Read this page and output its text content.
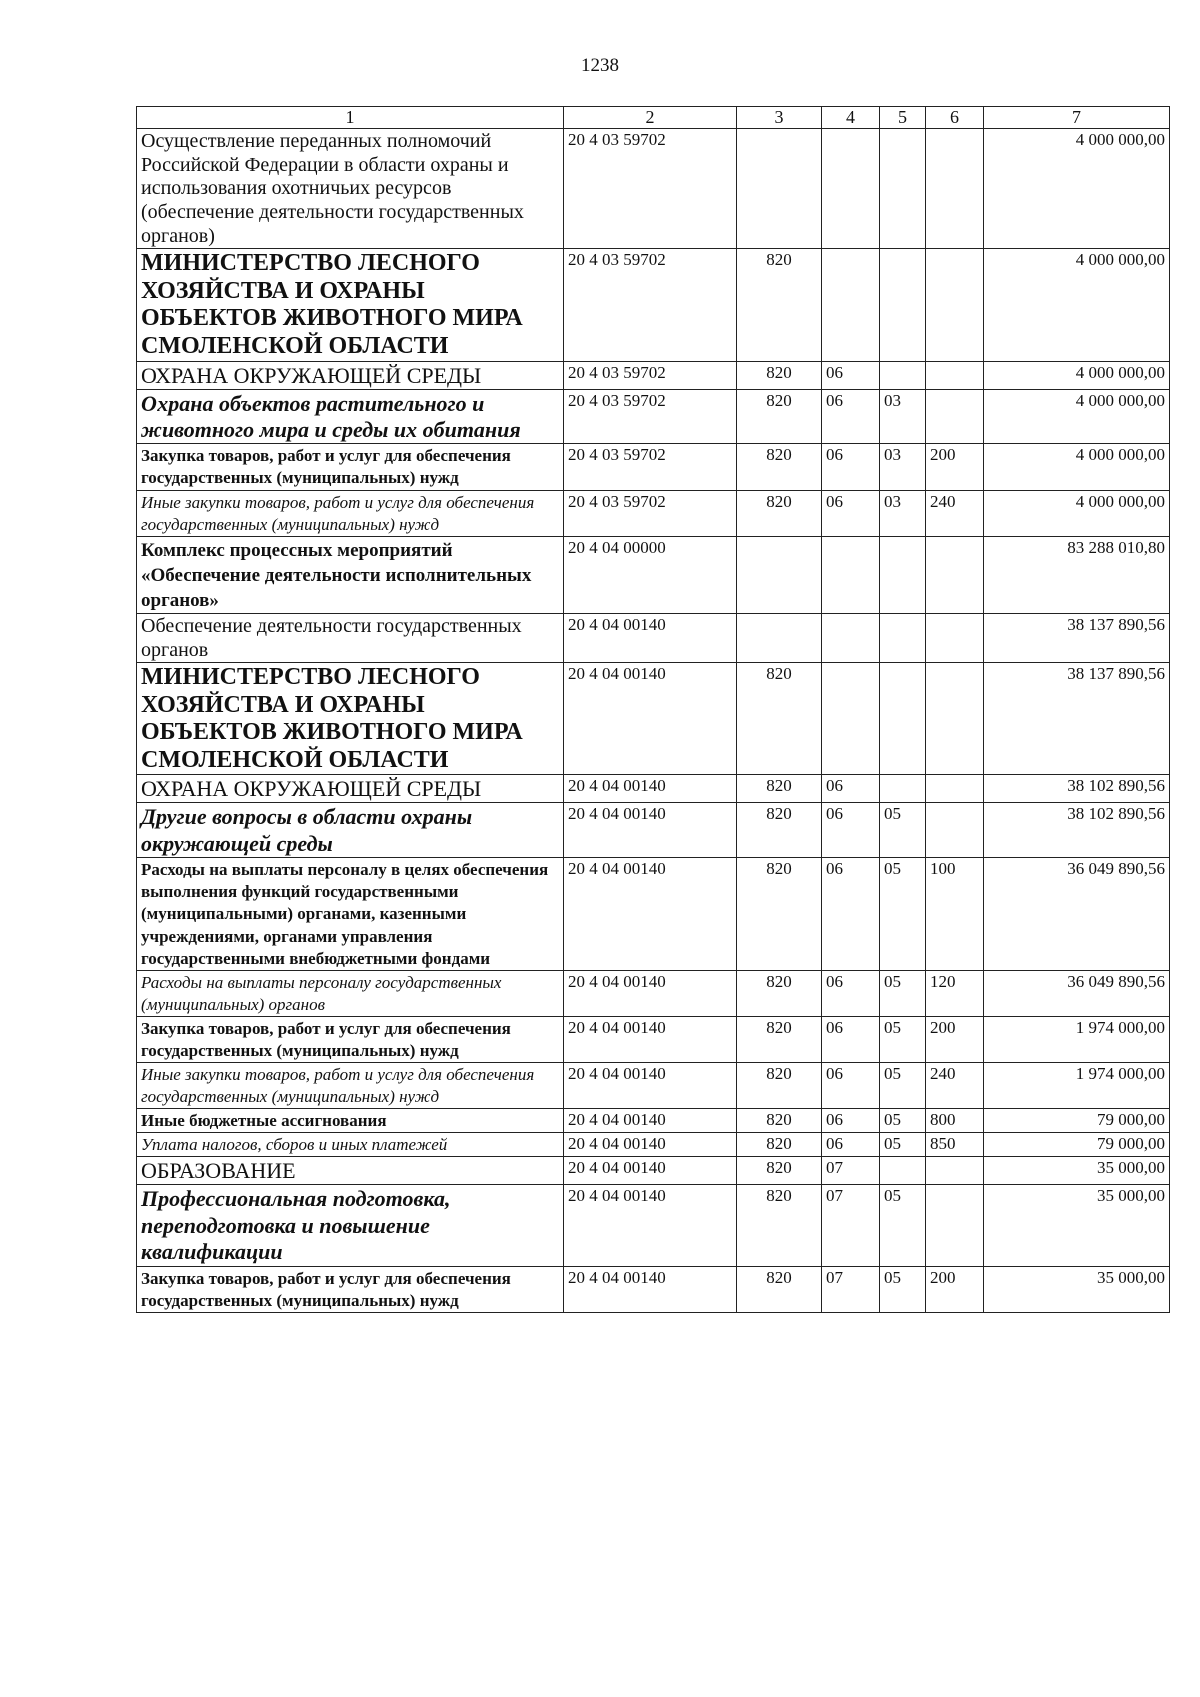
1238
1	2	3	4	5	6	7
Осуществление переданных полномочий Российской Федерации в области охраны и использования охотничьих ресурсов (обеспечение деятельности государственных органов)	20 4 03 59702					4 000 000,00
МИНИСТЕРСТВО ЛЕСНОГО ХОЗЯЙСТВА И ОХРАНЫ ОБЪЕКТОВ ЖИВОТНОГО МИРА СМОЛЕНСКОЙ ОБЛАСТИ	20 4 03 59702	820				4 000 000,00
ОХРАНА ОКРУЖАЮЩЕЙ СРЕДЫ	20 4 03 59702	820	06			4 000 000,00
Охрана объектов растительного и животного мира и среды их обитания	20 4 03 59702	820	06	03		4 000 000,00
Закупка товаров, работ и услуг для обеспечения государственных (муниципальных) нужд	20 4 03 59702	820	06	03	200	4 000 000,00
Иные закупки товаров, работ и услуг для обеспечения государственных (муниципальных) нужд	20 4 03 59702	820	06	03	240	4 000 000,00
Комплекс процессных мероприятий «Обеспечение деятельности исполнительных органов»	20 4 04 00000					83 288 010,80
Обеспечение деятельности государственных органов	20 4 04 00140					38 137 890,56
МИНИСТЕРСТВО ЛЕСНОГО ХОЗЯЙСТВА И ОХРАНЫ ОБЪЕКТОВ ЖИВОТНОГО МИРА СМОЛЕНСКОЙ ОБЛАСТИ	20 4 04 00140	820				38 137 890,56
ОХРАНА ОКРУЖАЮЩЕЙ СРЕДЫ	20 4 04 00140	820	06			38 102 890,56
Другие вопросы в области охраны окружающей среды	20 4 04 00140	820	06	05		38 102 890,56
Расходы на выплаты персоналу в целях обеспечения выполнения функций государственными (муниципальными) органами, казенными учреждениями, органами управления государственными внебюджетными фондами	20 4 04 00140	820	06	05	100	36 049 890,56
Расходы на выплаты персоналу государственных (муниципальных) органов	20 4 04 00140	820	06	05	120	36 049 890,56
Закупка товаров, работ и услуг для обеспечения государственных (муниципальных) нужд	20 4 04 00140	820	06	05	200	1 974 000,00
Иные закупки товаров, работ и услуг для обеспечения государственных (муниципальных) нужд	20 4 04 00140	820	06	05	240	1 974 000,00
Иные бюджетные ассигнования	20 4 04 00140	820	06	05	800	79 000,00
Уплата налогов, сборов и иных платежей	20 4 04 00140	820	06	05	850	79 000,00
ОБРАЗОВАНИЕ	20 4 04 00140	820	07			35 000,00
Профессиональная подготовка, переподготовка и повышение квалификации	20 4 04 00140	820	07	05		35 000,00
Закупка товаров, работ и услуг для обеспечения государственных (муниципальных) нужд	20 4 04 00140	820	07	05	200	35 000,00
